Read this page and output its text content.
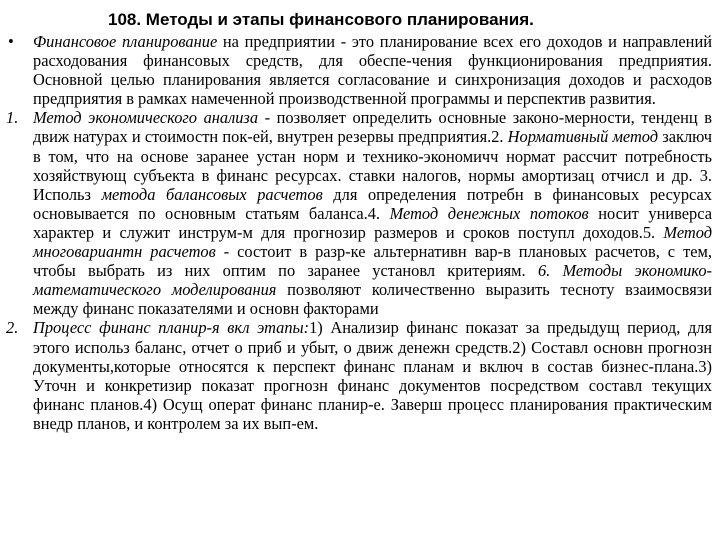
108. Методы и этапы финансового планирования.
• Финансовое планирование на предприятии - это планирование всех его доходов и направлений расходования финансовых средств, для обеспе-чения функционирования предприятия. Основной целью планирования является согласование и синхронизация доходов и расходов предприятия в рамках намеченной производственной программы и перспектив развития.
1. Метод экономического анализа - позволяет определить основные законо-мерности, тенденц в движ натурах и стоимостн пок-ей, внутрен резервы предприятия.2. Нормативный метод заключ в том, что на основе заранее устан норм и технико-экономичч нормат рассчит потребность хозяйствующ субъекта в финанс ресурсах. ставки налогов, нормы амортизац отчисл и др. 3. Использ метода балансовых расчетов для определения потребн в финансовых ресурсах основывается по основным статьям баланса.4. Метод денежных потоков носит универса характер и служит инструм-м для прогнозир размеров и сроков поступл доходов.5. Метод многовариантн расчетов - состоит в разр-ке альтернативн вар-в плановых расчетов, с тем, чтобы выбрать из них оптим по заранее установл критериям. 6. Методы экономико-математического моделирования позволяют количественно выразить тесноту взаимосвязи между финанс показателями и основн факторами
2. Процесс финанс планир-я вкл этапы:1) Анализир финанс показат за предыдущ период, для этого использ баланс, отчет о приб и убыт, о движ денежн средств.2) Составл основн прогнозн документы,которые относятся к перспект финанс планам и включ в состав бизнес-плана.3) Уточн и конкретизир показат прогнозн финанс документов посредством составл текущих финанс планов.4) Осущ операт финанс планир-е. Заверш процесс планирования практическим внедр планов, и контролем за их вып-ем.
